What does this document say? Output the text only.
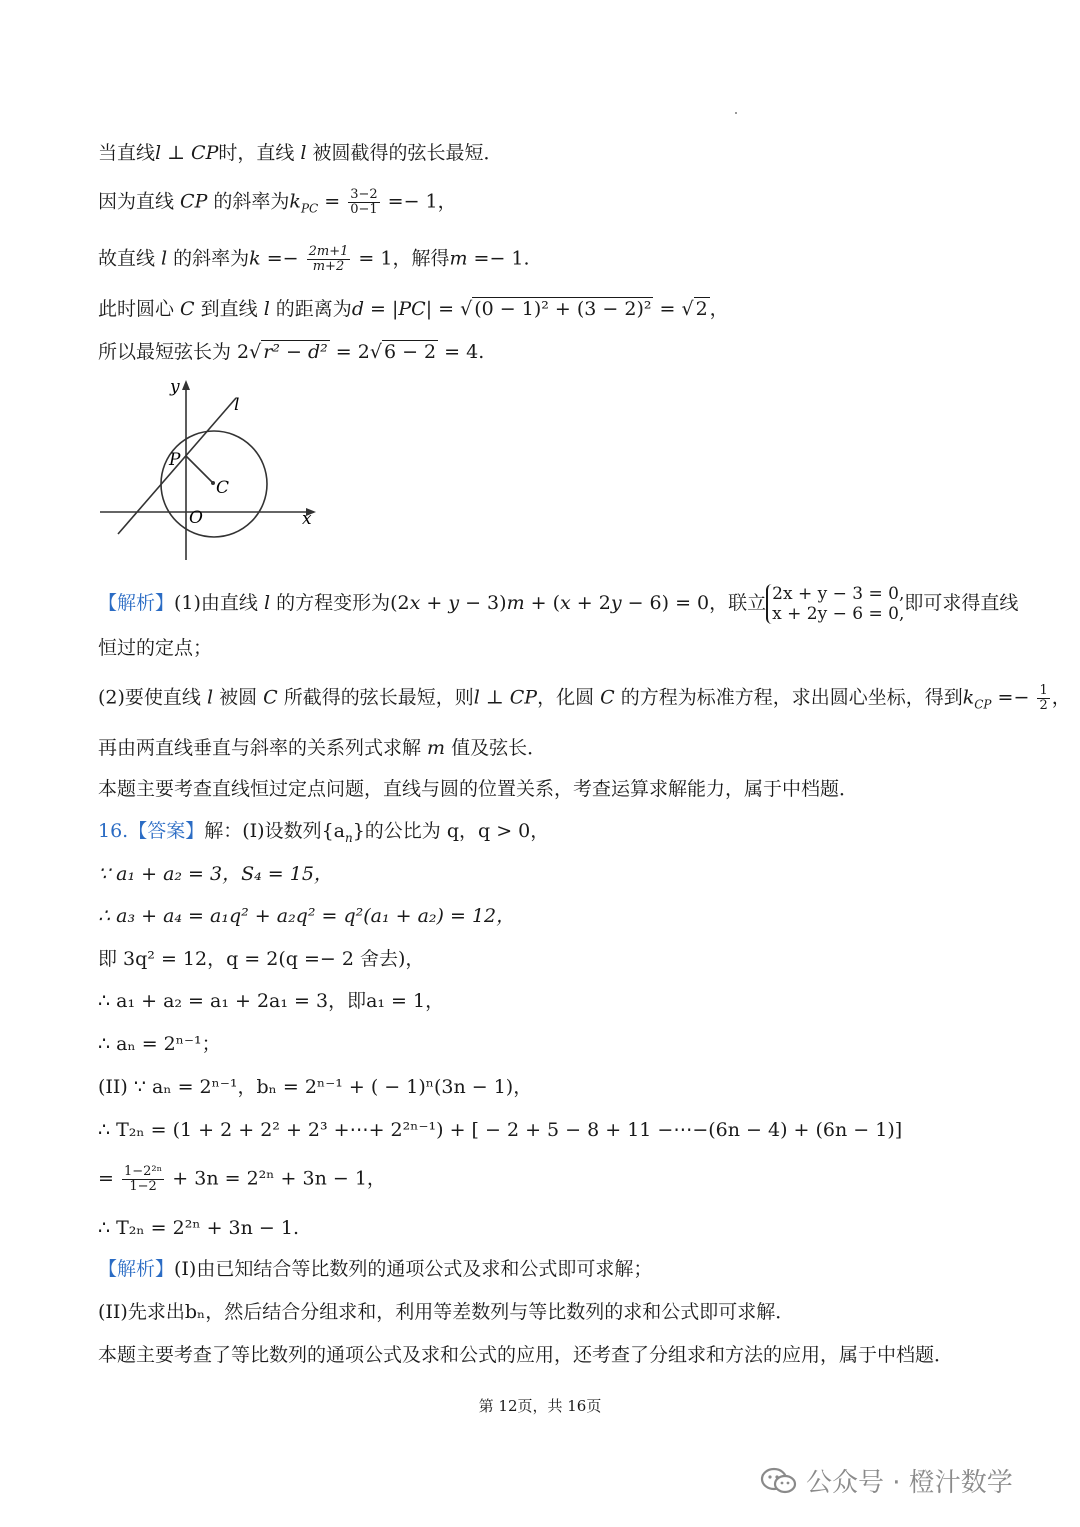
当直线l ⊥ CP时，直线 l 被圆截得的弦长最短．
因为直线 CP 的斜率为$k_{PC} = \frac{3-2}{0-1} =- 1$，
故直线 l 的斜率为$k =- \frac{2m+1}{m+2} = 1$，解得m =− 1.
此时圆心 C 到直线 l 的距离为d = |PC| = √ (0 − 1)² + (3 − 2)² = √ 2 ，
所以最短弦长为 2√ r² − d² = 2√ 6 − 2 = 4.
y
l
P
C
O	x
【解析】(1)由直线 l 的方程变形为(2x + y − 3)m + (x + 2y − 6) = 0，联立 2x + y − 3 = 0,
x + 2y − 6 = 0, 即可求得直线
恒过的定点；
(2)要使直线 l 被圆 C 所截得的弦长最短，则l ⊥ CP，化圆 C 的方程为标准方程，求出圆心坐标，得到$k_{CP} =- \frac{1}{2}$ ，
再由两直线垂直与斜率的关系列式求解 m 值及弦长．
本题主要考查直线恒过定点问题，直线与圆的位置关系，考查运算求解能力，属于中档题．
16.【答案】解：(I)设数列$\{a_n\}$的公比为 q，q > 0，
∵ a₁ + a₂ = 3，S₄ = 15，
∴ a₃ + a₄ = a₁q² + a₂q² = q²(a₁ + a₂) = 12，
即 3q² = 12，q = 2(q =− 2 舍去)，
∴ a₁ + a₂ = a₁ + 2a₁ = 3，即a₁ = 1，
∴ aₙ = 2ⁿ⁻¹；
(II) ∵ aₙ = 2ⁿ⁻¹，bₙ = 2ⁿ⁻¹ + ( − 1)ⁿ(3n − 1)，
∴ T₂ₙ = (1 + 2 + 2² + 2³ +⋯+ 2²ⁿ⁻¹) + [ − 2 + 5 − 8 + 11 −⋯−(6n − 4) + (6n − 1)]
= $\frac{\text{1−2²ⁿ}}{1-2} + 3n = 2^{2n} + 3n - 1$，
∴ T₂ₙ = 2²ⁿ + 3n − 1.
【解析】(I)由已知结合等比数列的通项公式及求和公式即可求解；
(II)先求出bₙ，然后结合分组求和，利用等差数列与等比数列的求和公式即可求解．
本题主要考查了等比数列的通项公式及求和公式的应用，还考查了分组求和方法的应用，属于中档题．
第 12页，共 16页
公众号 · 橙汁数学
